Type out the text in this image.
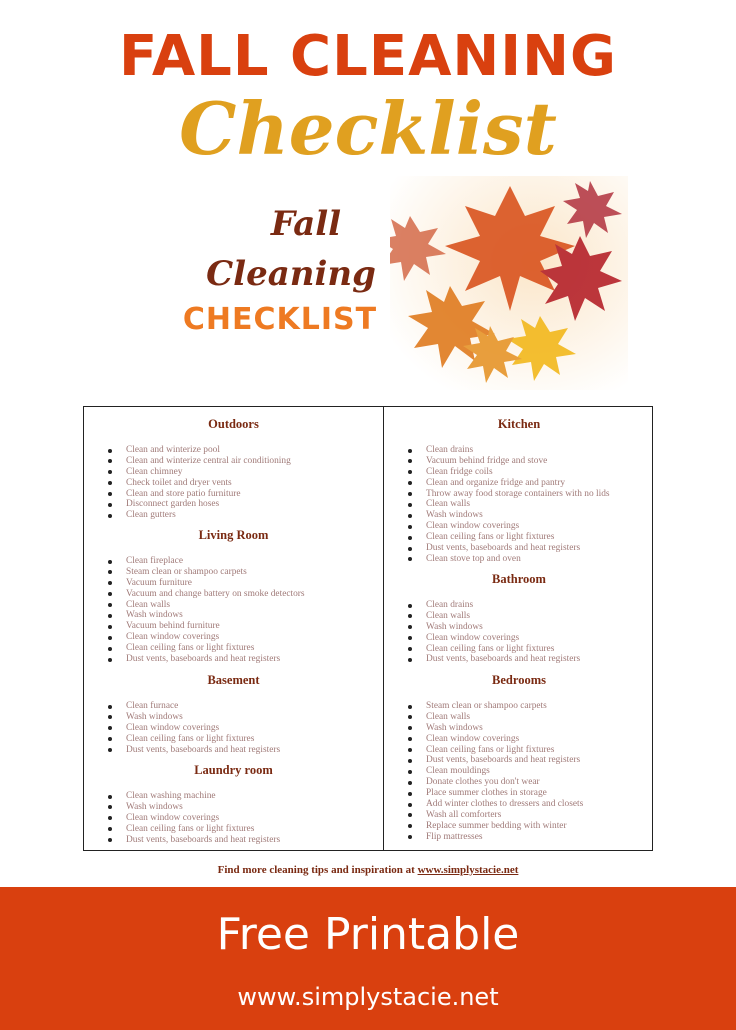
FALL CLEANING
Checklist
Fall
Cleaning
CHECKLIST
Outdoors
Clean and winterize pool
Clean and winterize central air conditioning
Clean chimney
Check toilet and dryer vents
Clean and store patio furniture
Disconnect garden hoses
Clean gutters
Living Room
Clean fireplace
Steam clean or shampoo carpets
Vacuum furniture
Vacuum and change battery on smoke detectors
Clean walls
Wash windows
Vacuum behind furniture
Clean window coverings
Clean ceiling fans or light fixtures
Dust vents, baseboards and heat registers
Basement
Clean furnace
Wash windows
Clean window coverings
Clean ceiling fans or light fixtures
Dust vents, baseboards and heat registers
Laundry room
Clean washing machine
Wash windows
Clean window coverings
Clean ceiling fans or light fixtures
Dust vents, baseboards and heat registers
Kitchen
Clean drains
Vacuum behind fridge and stove
Clean fridge coils
Clean and organize fridge and pantry
Throw away food storage containers with no lids
Clean walls
Wash windows
Clean window coverings
Clean ceiling fans or light fixtures
Dust vents, baseboards and heat registers
Clean stove top and oven
Bathroom
Clean drains
Clean walls
Wash windows
Clean window coverings
Clean ceiling fans or light fixtures
Dust vents, baseboards and heat registers
Bedrooms
Steam clean or shampoo carpets
Clean walls
Wash windows
Clean window coverings
Clean ceiling fans or light fixtures
Dust vents, baseboards and heat registers
Clean mouldings
Donate clothes you don't wear
Place summer clothes in storage
Add winter clothes to dressers and closets
Wash all comforters
Replace summer bedding with winter
Flip mattresses
Find more cleaning tips and inspiration at www.simplystacie.net
Free Printable
www.simplystacie.net
